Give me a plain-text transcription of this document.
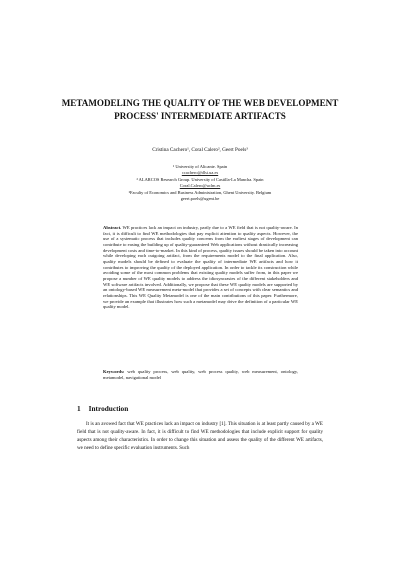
METAMODELING THE QUALITY OF THE WEB DEVELOPMENT PROCESS' INTERMEDIATE ARTIFACTS
Cristina Cachero¹, Coral Calero², Geert Poels³
¹ University of Alicante. Spain
ccachero@dlsi.ua.es
² ALARCOS Research Group. University of Castilla-La Mancha. Spain
Coral.Calero@uclm.es
³Faculty of Economics and Business Administration, Ghent University. Belgium
geert.poels@ugent.be
Abstract. WE practices lack an impact on industry, partly due to a WE field that is not quality-aware. In fact, it is difficult to find WE methodologies that pay explicit attention to quality aspects. However, the use of a systematic process that includes quality concerns from the earliest stages of development can contribute to easing the building up of quality-guaranteed Web applications without drastically increasing development costs and time-to-market. In this kind of process, quality issues should be taken into account while developing each outgoing artifact, from the requirements model to the final application. Also, quality models should be defined to evaluate the quality of intermediate WE artifacts and how it contributes to improving the quality of the deployed application. In order to tackle its construction while avoiding some of the most common problems that existing quality models suffer from, in this paper we propose a number of WE quality models to address the idiosyncrasies of the different stakeholders and WE software artifacts involved. Additionally, we propose that these WE quality models are supported by an ontology-based WE measurement meta-model that provides a set of concepts with clear semantics and relationships. This WE Quality Metamodel is one of the main contributions of this paper. Furthermore, we provide an example that illustrates how such a metamodel may drive the definition of a particular WE quality model.
Keywords: web quality process, web quality, web process quality, web measurement, ontology, metamodel, navigational model
1 Introduction
It is an avowed fact that WE practices lack an impact on industry [1]. This situation is at least partly caused by a WE field that is not quality-aware. In fact, it is difficult to find WE methodologies that include explicit support for quality aspects among their characteristics. In order to change this situation and assess the quality of the different WE artifacts, we need to define specific evaluation instruments. Such
